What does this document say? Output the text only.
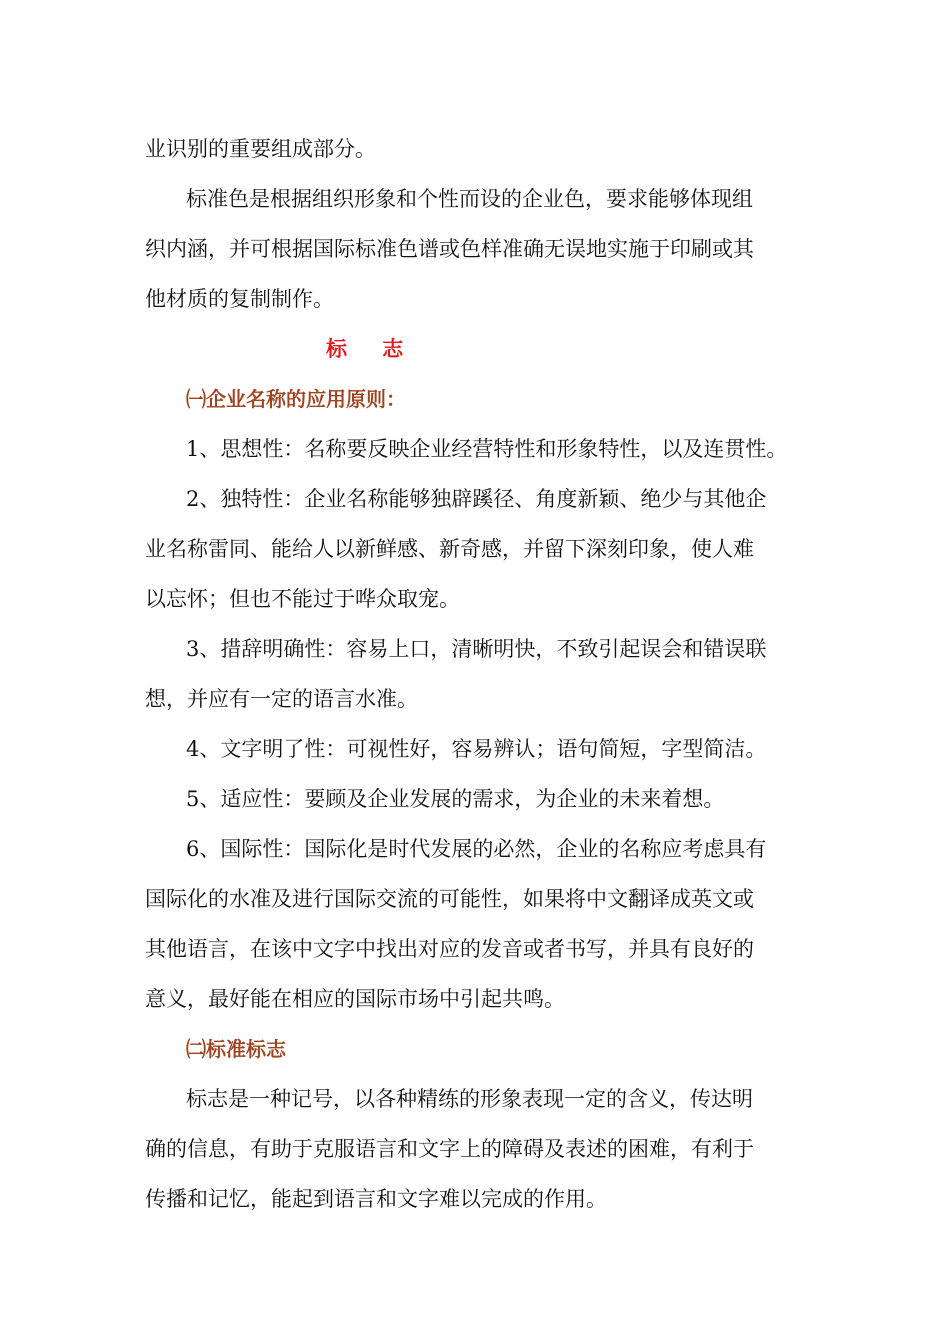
业识别的重要组成部分。
标准色是根据组织形象和个性而设的企业色，要求能够体现组
织内涵，并可根据国际标准色谱或色样准确无误地实施于印刷或其
他材质的复制制作。
标 志
㈠企业名称的应用原则：
1、思想性：名称要反映企业经营特性和形象特性，以及连贯性。
2、独特性：企业名称能够独辟蹊径、角度新颖、绝少与其他企
业名称雷同、能给人以新鲜感、新奇感，并留下深刻印象，使人难
以忘怀；但也不能过于哗众取宠。
3、措辞明确性：容易上口，清晰明快，不致引起误会和错误联
想，并应有一定的语言水准。
4、文字明了性：可视性好，容易辨认；语句简短，字型简洁。
5、适应性：要顾及企业发展的需求，为企业的未来着想。
6、国际性：国际化是时代发展的必然，企业的名称应考虑具有
国际化的水准及进行国际交流的可能性，如果将中文翻译成英文或
其他语言，在该中文字中找出对应的发音或者书写，并具有良好的
意义，最好能在相应的国际市场中引起共鸣。
㈡标准标志
标志是一种记号，以各种精练的形象表现一定的含义，传达明
确的信息，有助于克服语言和文字上的障碍及表述的困难，有利于
传播和记忆，能起到语言和文字难以完成的作用。
